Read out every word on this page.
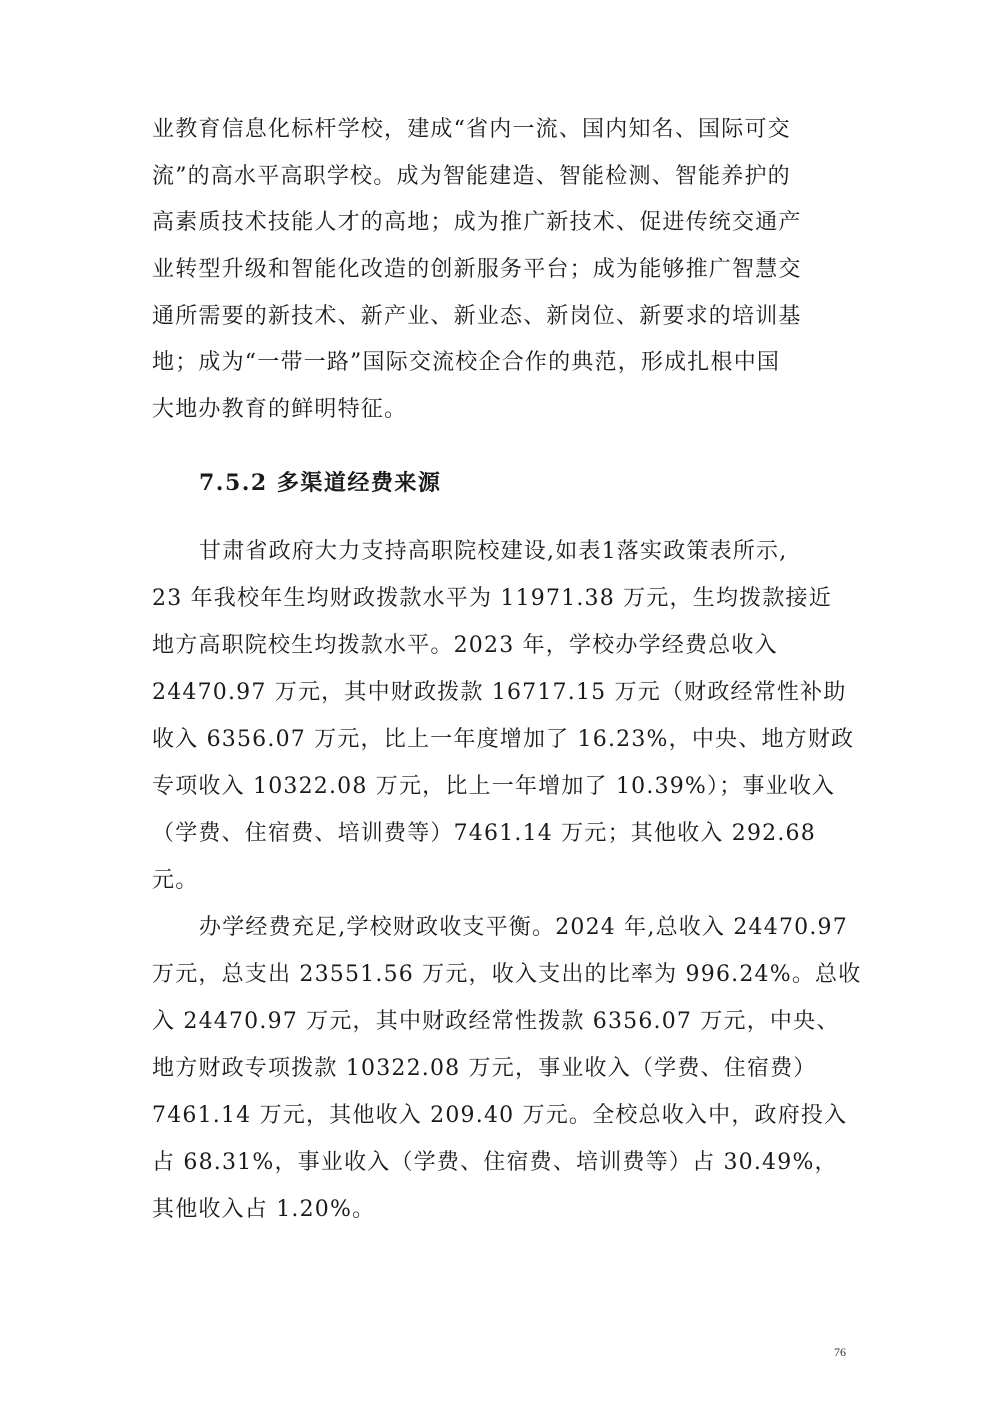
业教育信息化标杆学校，建成“省内一流、国内知名、国际可交
流”的高水平高职学校。成为智能建造、智能检测、智能养护的
高素质技术技能人才的高地；成为推广新技术、促进传统交通产
业转型升级和智能化改造的创新服务平台；成为能够推广智慧交
通所需要的新技术、新产业、新业态、新岗位、新要求的培训基
地；成为“一带一路”国际交流校企合作的典范，形成扎根中国
大地办教育的鲜明特征。
7.5.2 多渠道经费来源
甘肃省政府大力支持高职院校建设,如表1落实政策表所示,
23 年我校年生均财政拨款水平为 11971.38 万元，生均拨款接近
地方高职院校生均拨款水平。2023 年，学校办学经费总收入
24470.97 万元，其中财政拨款 16717.15 万元（财政经常性补助
收入 6356.07 万元，比上一年度增加了 16.23%，中央、地方财政
专项收入 10322.08 万元，比上一年增加了 10.39%）；事业收入
（学费、住宿费、培训费等）7461.14 万元；其他收入 292.68
元。
办学经费充足,学校财政收支平衡。2024 年,总收入 24470.97
万元，总支出 23551.56 万元，收入支出的比率为 996.24%。总收
入 24470.97 万元，其中财政经常性拨款 6356.07 万元，中央、
地方财政专项拨款 10322.08 万元，事业收入（学费、住宿费）
7461.14 万元，其他收入 209.40 万元。全校总收入中，政府投入
占 68.31%，事业收入（学费、住宿费、培训费等）占 30.49%，
其他收入占 1.20%。
76
